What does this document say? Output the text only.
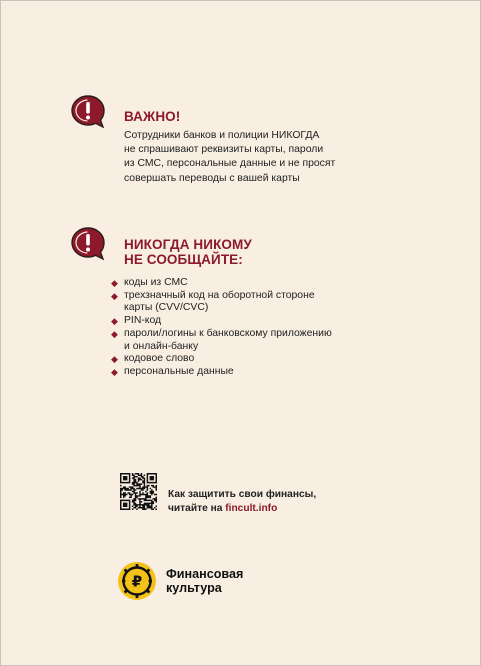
ВАЖНО!
Сотрудники банков и полиции НИКОГДА
не спрашивают реквизиты карты, пароли
из СМС, персональные данные и не просят
совершать переводы с вашей карты
НИКОГДА НИКОМУ
НЕ СООБЩАЙТЕ:
◆ коды из СМС
◆ трехзначный код на оборотной стороне
карты (CVV/CVC)
◆ PIN-код
◆ пароли/логины к банковскому приложению
и онлайн-банку
◆ кодовое слово
◆ персональные данные
Как защитить свои финансы,
читайте на fincult.info
₽ Финансовая
культура
